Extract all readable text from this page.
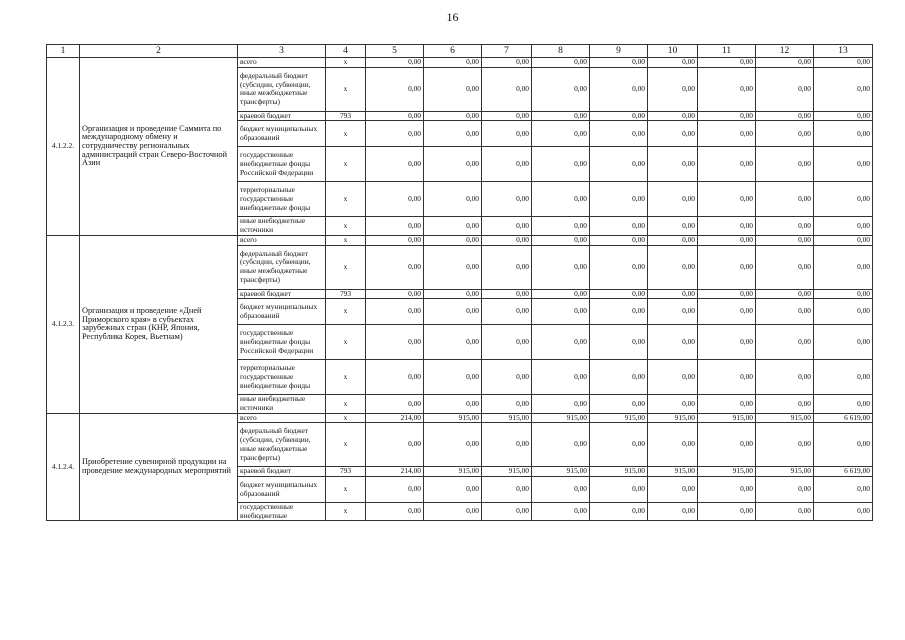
16
1	2	3	4	5	6	7	8	9	10	11	12	13
4.1.2.2.	Организация и проведение Саммита по международному обмену и сотрудничеству региональных администраций стран Северо-Восточной Азии	всего	х	0,00	0,00	0,00	0,00	0,00	0,00	0,00	0,00	0,00
		федеральный бюджет (субсидии, субвенции, иные межбюджетные трансферты)	х	0,00	0,00	0,00	0,00	0,00	0,00	0,00	0,00	0,00
		краевой бюджет	793	0,00	0,00	0,00	0,00	0,00	0,00	0,00	0,00	0,00
		бюджет муниципальных образований	х	0,00	0,00	0,00	0,00	0,00	0,00	0,00	0,00	0,00
		государственные внебюджетные фонды Российской Федерации	х	0,00	0,00	0,00	0,00	0,00	0,00	0,00	0,00	0,00
		территориальные государственные внебюджетные фонды	х	0,00	0,00	0,00	0,00	0,00	0,00	0,00	0,00	0,00
		иные внебюджетные источники	х	0,00	0,00	0,00	0,00	0,00	0,00	0,00	0,00	0,00
4.1.2.3.	Организация и проведение «Дней Приморского края» в субъектах зарубежных стран (КНР, Япония, Республика Корея, Вьетнам)	всего	х	0,00	0,00	0,00	0,00	0,00	0,00	0,00	0,00	0,00
		федеральный бюджет (субсидии, субвенции, иные межбюджетные трансферты)	х	0,00	0,00	0,00	0,00	0,00	0,00	0,00	0,00	0,00
		краевой бюджет	793	0,00	0,00	0,00	0,00	0,00	0,00	0,00	0,00	0,00
		бюджет муниципальных образований	х	0,00	0,00	0,00	0,00	0,00	0,00	0,00	0,00	0,00
		государственные внебюджетные фонды Российской Федерации	х	0,00	0,00	0,00	0,00	0,00	0,00	0,00	0,00	0,00
		территориальные государственные внебюджетные фонды	х	0,00	0,00	0,00	0,00	0,00	0,00	0,00	0,00	0,00
		иные внебюджетные источники	х	0,00	0,00	0,00	0,00	0,00	0,00	0,00	0,00	0,00
4.1.2.4.	Приобретение сувенирной продукции на проведение международных мероприятий	всего	х	214,00	915,00	915,00	915,00	915,00	915,00	915,00	915,00	6 619,00
		федеральный бюджет (субсидии, субвенции, иные межбюджетные трансферты)	х	0,00	0,00	0,00	0,00	0,00	0,00	0,00	0,00	0,00
		краевой бюджет	793	214,00	915,00	915,00	915,00	915,00	915,00	915,00	915,00	6 619,00
		бюджет муниципальных образований	х	0,00	0,00	0,00	0,00	0,00	0,00	0,00	0,00	0,00
		государственные внебюджетные	х	0,00	0,00	0,00	0,00	0,00	0,00	0,00	0,00	0,00
